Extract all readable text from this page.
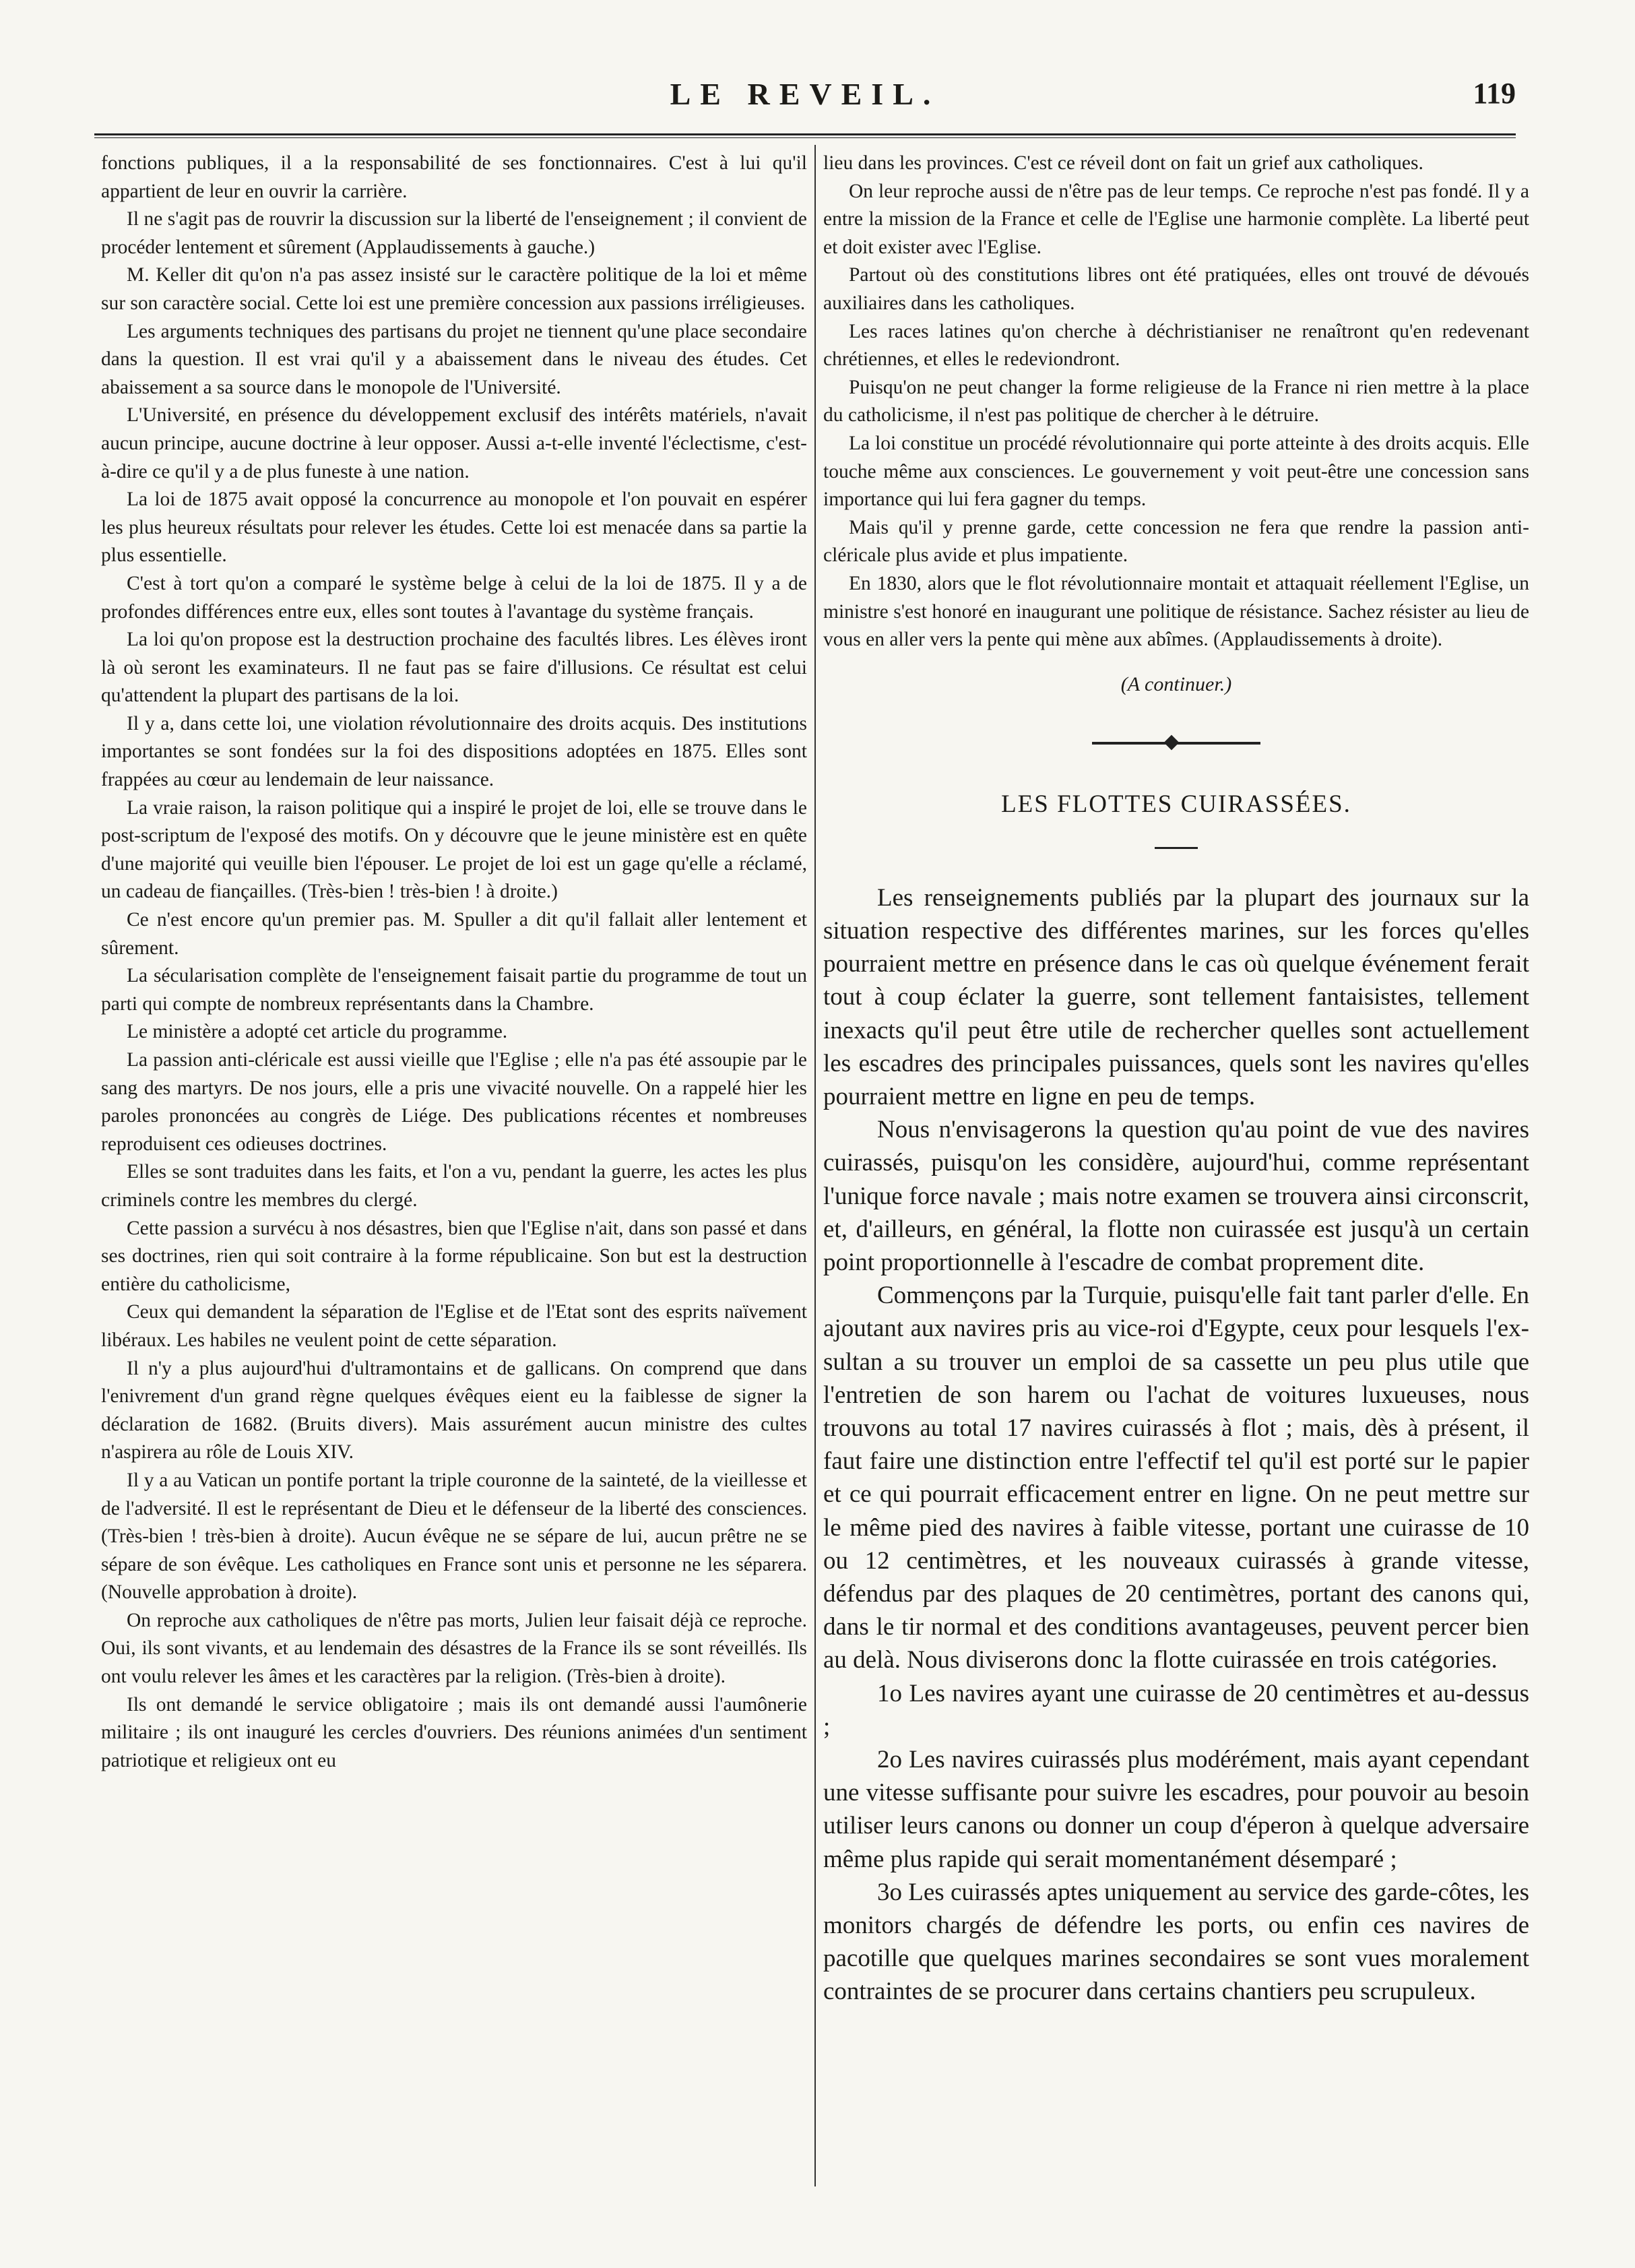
LE REVEIL.	119

fonctions publiques, il a la responsabilité de ses fonctionnaires. C'est à lui qu'il appartient de leur en ouvrir la carrière.

Il ne s'agit pas de rouvrir la discussion sur la liberté de l'enseignement ; il convient de procéder lentement et sûrement (Applaudissements à gauche.)

M. Keller dit qu'on n'a pas assez insisté sur le caractère politique de la loi et même sur son caractère social. Cette loi est une première concession aux passions irréligieuses.

Les arguments techniques des partisans du projet ne tiennent qu'une place secondaire dans la question. Il est vrai qu'il y a abaissement dans le niveau des études. Cet abaissement a sa source dans le monopole de l'Université.

L'Université, en présence du développement exclusif des intérêts matériels, n'avait aucun principe, aucune doctrine à leur opposer. Aussi a-t-elle inventé l'éclectisme, c'est-à-dire ce qu'il y a de plus funeste à une nation.

La loi de 1875 avait opposé la concurrence au monopole et l'on pouvait en espérer les plus heureux résultats pour relever les études. Cette loi est menacée dans sa partie la plus essentielle.

C'est à tort qu'on a comparé le système belge à celui de la loi de 1875. Il y a de profondes différences entre eux, elles sont toutes à l'avantage du système français.

La loi qu'on propose est la destruction prochaine des facultés libres. Les élèves iront là où seront les examinateurs. Il ne faut pas se faire d'illusions. Ce résultat est celui qu'attendent la plupart des partisans de la loi.

Il y a, dans cette loi, une violation révolutionnaire des droits acquis. Des institutions importantes se sont fondées sur la foi des dispositions adoptées en 1875. Elles sont frappées au cœur au lendemain de leur naissance.

La vraie raison, la raison politique qui a inspiré le projet de loi, elle se trouve dans le post-scriptum de l'exposé des motifs. On y découvre que le jeune ministère est en quête d'une majorité qui veuille bien l'épouser. Le projet de loi est un gage qu'elle a réclamé, un cadeau de fiançailles. (Très-bien ! très-bien ! à droite.)

Ce n'est encore qu'un premier pas. M. Spuller a dit qu'il fallait aller lentement et sûrement.

La sécularisation complète de l'enseignement faisait partie du programme de tout un parti qui compte de nombreux représentants dans la Chambre.

Le ministère a adopté cet article du programme.

La passion anti-cléricale est aussi vieille que l'Eglise ; elle n'a pas été assoupie par le sang des martyrs. De nos jours, elle a pris une vivacité nouvelle. On a rappelé hier les paroles prononcées au congrès de Liége. Des publications récentes et nombreuses reproduisent ces odieuses doctrines.

Elles se sont traduites dans les faits, et l'on a vu, pendant la guerre, les actes les plus criminels contre les membres du clergé.

Cette passion a survécu à nos désastres, bien que l'Eglise n'ait, dans son passé et dans ses doctrines, rien qui soit contraire à la forme républicaine. Son but est la destruction entière du catholicisme,

Ceux qui demandent la séparation de l'Eglise et de l'Etat sont des esprits naïvement libéraux. Les habiles ne veulent point de cette séparation.

Il n'y a plus aujourd'hui d'ultramontains et de gallicans. On comprend que dans l'enivrement d'un grand règne quelques évêques eient eu la faiblesse de signer la déclaration de 1682. (Bruits divers). Mais assurément aucun ministre des cultes n'aspirera au rôle de Louis XIV.

Il y a au Vatican un pontife portant la triple couronne de la sainteté, de la vieillesse et de l'adversité. Il est le représentant de Dieu et le défenseur de la liberté des consciences. (Très-bien ! très-bien à droite). Aucun évêque ne se sépare de lui, aucun prêtre ne se sépare de son évêque. Les catholiques en France sont unis et personne ne les séparera. (Nouvelle approbation à droite).

On reproche aux catholiques de n'être pas morts, Julien leur faisait déjà ce reproche. Oui, ils sont vivants, et au lendemain des désastres de la France ils se sont réveillés. Ils ont voulu relever les âmes et les caractères par la religion. (Très-bien à droite).

Ils ont demandé le service obligatoire ; mais ils ont demandé aussi l'aumônerie militaire ; ils ont inauguré les cercles d'ouvriers. Des réunions animées d'un sentiment patriotique et religieux ont eu

lieu dans les provinces. C'est ce réveil dont on fait un grief aux catholiques.

On leur reproche aussi de n'être pas de leur temps. Ce reproche n'est pas fondé. Il y a entre la mission de la France et celle de l'Eglise une harmonie complète. La liberté peut et doit exister avec l'Eglise.

Partout où des constitutions libres ont été pratiquées, elles ont trouvé de dévoués auxiliaires dans les catholiques.

Les races latines qu'on cherche à déchristianiser ne renaîtront qu'en redevenant chrétiennes, et elles le redeviondront.

Puisqu'on ne peut changer la forme religieuse de la France ni rien mettre à la place du catholicisme, il n'est pas politique de chercher à le détruire.

La loi constitue un procédé révolutionnaire qui porte atteinte à des droits acquis. Elle touche même aux consciences. Le gouvernement y voit peut-être une concession sans importance qui lui fera gagner du temps.

Mais qu'il y prenne garde, cette concession ne fera que rendre la passion anti-cléricale plus avide et plus impatiente.

En 1830, alors que le flot révolutionnaire montait et attaquait réellement l'Eglise, un ministre s'est honoré en inaugurant une politique de résistance. Sachez résister au lieu de vous en aller vers la pente qui mène aux abîmes. (Applaudissements à droite).

(A continuer.)
LES FLOTTES CUIRASSÉES.

Les renseignements publiés par la plupart des journaux sur la situation respective des différentes marines, sur les forces qu'elles pourraient mettre en présence dans le cas où quelque événement ferait tout à coup éclater la guerre, sont tellement fantaisistes, tellement inexacts qu'il peut être utile de rechercher quelles sont actuellement les escadres des principales puissances, quels sont les navires qu'elles pourraient mettre en ligne en peu de temps.

Nous n'envisagerons la question qu'au point de vue des navires cuirassés, puisqu'on les considère, aujourd'hui, comme représentant l'unique force navale ; mais notre examen se trouvera ainsi circonscrit, et, d'ailleurs, en général, la flotte non cuirassée est jusqu'à un certain point proportionnelle à l'escadre de combat proprement dite.

Commençons par la Turquie, puisqu'elle fait tant parler d'elle. En ajoutant aux navires pris au vice-roi d'Egypte, ceux pour lesquels l'ex-sultan a su trouver un emploi de sa cassette un peu plus utile que l'entretien de son harem ou l'achat de voitures luxueuses, nous trouvons au total 17 navires cuirassés à flot ; mais, dès à présent, il faut faire une distinction entre l'effectif tel qu'il est porté sur le papier et ce qui pourrait efficacement entrer en ligne. On ne peut mettre sur le même pied des navires à faible vitesse, portant une cuirasse de 10 ou 12 centimètres, et les nouveaux cuirassés à grande vitesse, défendus par des plaques de 20 centimètres, portant des canons qui, dans le tir normal et des conditions avantageuses, peuvent percer bien au delà. Nous diviserons donc la flotte cuirassée en trois catégories.

1o Les navires ayant une cuirasse de 20 centimètres et au-dessus ;

2o Les navires cuirassés plus modérément, mais ayant cependant une vitesse suffisante pour suivre les escadres, pour pouvoir au besoin utiliser leurs canons ou donner un coup d'éperon à quelque adversaire même plus rapide qui serait momentanément désemparé ;

3o Les cuirassés aptes uniquement au service des garde-côtes, les monitors chargés de défendre les ports, ou enfin ces navires de pacotille que quelques marines secondaires se sont vues moralement contraintes de se procurer dans certains chantiers peu scrupuleux.
